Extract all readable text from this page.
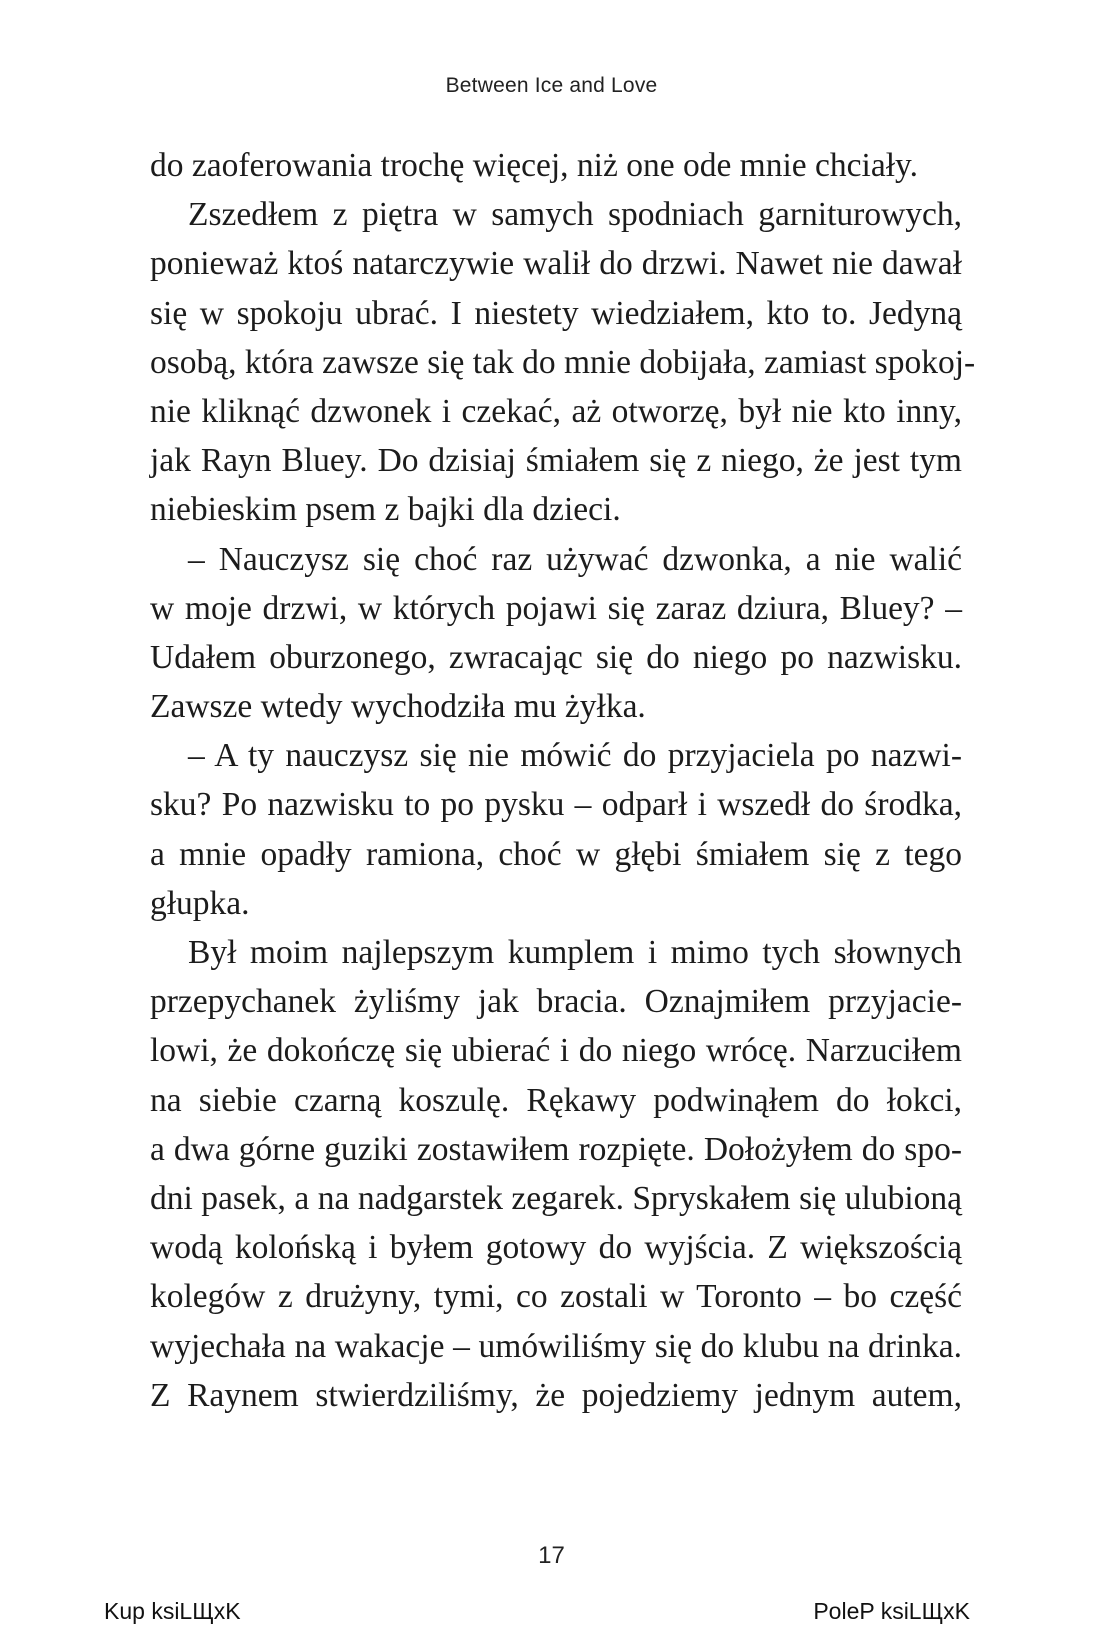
Between Ice and Love
do zaoferowania trochę więcej, niż one ode mnie chciały.
Zszedłem z piętra w samych spodniach garniturowych,
ponieważ ktoś natarczywie walił do drzwi. Nawet nie dawał
się w spokoju ubrać. I niestety wiedziałem, kto to. Jedyną
osobą, która zawsze się tak do mnie dobijała, zamiast spokoj-
nie kliknąć dzwonek i czekać, aż otworzę, był nie kto inny,
jak Rayn Bluey. Do dzisiaj śmiałem się z niego, że jest tym
niebieskim psem z bajki dla dzieci.
– Nauczysz się choć raz używać dzwonka, a nie walić
w moje drzwi, w których pojawi się zaraz dziura, Bluey? –
Udałem oburzonego, zwracając się do niego po nazwisku.
Zawsze wtedy wychodziła mu żyłka.
– A ty nauczysz się nie mówić do przyjaciela po nazwi-
sku? Po nazwisku to po pysku – odparł i wszedł do środka,
a mnie opadły ramiona, choć w głębi śmiałem się z tego
głupka.
Był moim najlepszym kumplem i mimo tych słownych
przepychanek żyliśmy jak bracia. Oznajmiłem przyjacie-
lowi, że dokończę się ubierać i do niego wrócę. Narzuciłem
na siebie czarną koszulę. Rękawy podwinąłem do łokci,
a dwa górne guziki zostawiłem rozpięte. Dołożyłem do spo-
dni pasek, a na nadgarstek zegarek. Spryskałem się ulubioną
wodą kolońską i byłem gotowy do wyjścia. Z większością
kolegów z drużyny, tymi, co zostali w Toronto – bo część
wyjechała na wakacje – umówiliśmy się do klubu na drinka.
Z Raynem stwierdziliśmy, że pojedziemy jednym autem,
17
Kup ksiLЩxK	PoleP ksiLЩxK
